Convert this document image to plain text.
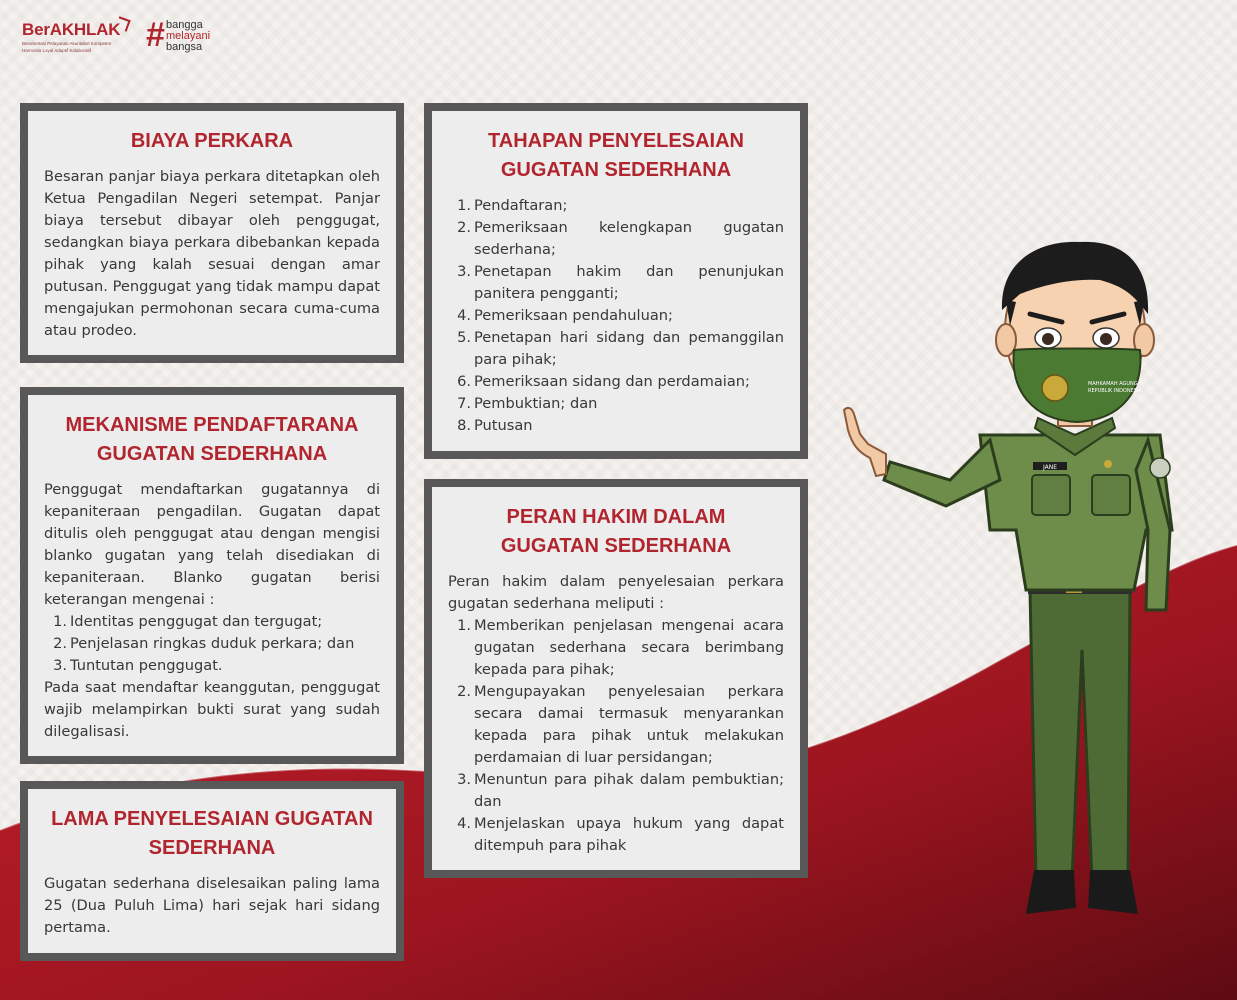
BerAKHLAK
Berorientasi Pelayanan Akuntabel Kompeten
Harmonis Loyal Adaptif Kolaboratif	# bangga
melayani
bangsa
BIAYA PERKARA

Besaran panjar biaya perkara ditetapkan oleh Ketua Pengadilan Negeri setempat. Panjar biaya tersebut dibayar oleh penggugat, sedangkan biaya perkara dibebankan kepada pihak yang kalah sesuai dengan amar putusan. Penggugat yang tidak mampu dapat mengajukan permohonan secara cuma-cuma atau prodeo.

MEKANISME PENDAFTARANA
GUGATAN SEDERHANA

Penggugat mendaftarkan gugatannya di kepaniteraan pengadilan. Gugatan dapat ditulis oleh penggugat atau dengan mengisi blanko gugatan yang telah disediakan di kepaniteraan. Blanko gugatan berisi keterangan mengenai :

1. Identitas penggugat dan tergugat;
2. Penjelasan ringkas duduk perkara; dan
3. Tuntutan penggugat.

Pada saat mendaftar keanggutan, penggugat wajib melampirkan bukti surat yang sudah dilegalisasi.

LAMA PENYELESAIAN GUGATAN
SEDERHANA

Gugatan sederhana diselesaikan paling lama 25 (Dua Puluh Lima) hari sejak hari sidang pertama.

TAHAPAN PENYELESAIAN
GUGATAN SEDERHANA
1. Pendaftaran;
2. Pemeriksaan kelengkapan gugatan sederhana;
3. Penetapan hakim dan penunjukan panitera pengganti;
4. Pemeriksaan pendahuluan;
5. Penetapan hari sidang dan pemanggilan para pihak;
6. Pemeriksaan sidang dan perdamaian;
7. Pembuktian; dan
8. Putusan
PERAN HAKIM DALAM
GUGATAN SEDERHANA

Peran hakim dalam penyelesaian perkara gugatan sederhana meliputi :

1. Memberikan penjelasan mengenai acara gugatan sederhana secara berimbang kepada para pihak;
2. Mengupayakan penyelesaian perkara secara damai termasuk menyarankan kepada para pihak untuk melakukan perdamaian di luar persidangan;
3. Menuntun para pihak dalam pembuktian; dan
4. Menjelaskan upaya hukum yang dapat ditempuh para pihak
JANE
MAHKAMAH AGUNG
REPUBLIK INDONESIA
